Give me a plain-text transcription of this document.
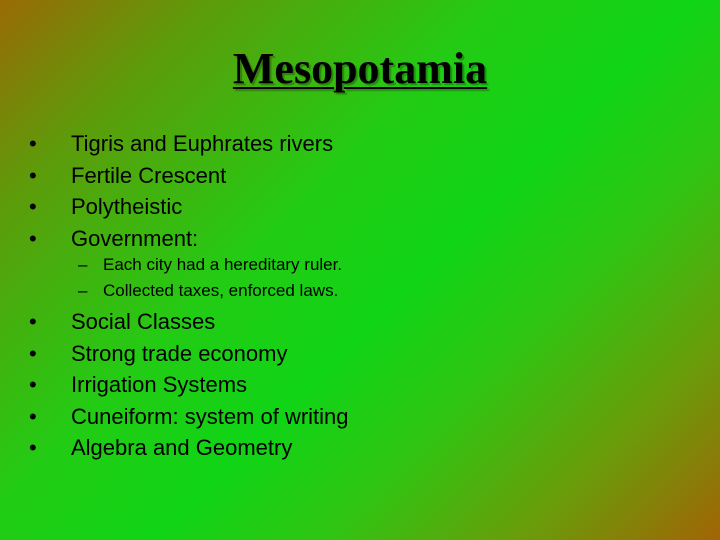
Mesopotamia
• Tigris and Euphrates rivers
• Fertile Crescent
• Polytheistic
• Government:
– Each city had a hereditary ruler.
– Collected taxes, enforced laws.
• Social Classes
• Strong trade economy
• Irrigation Systems
• Cuneiform: system of writing
• Algebra and Geometry
